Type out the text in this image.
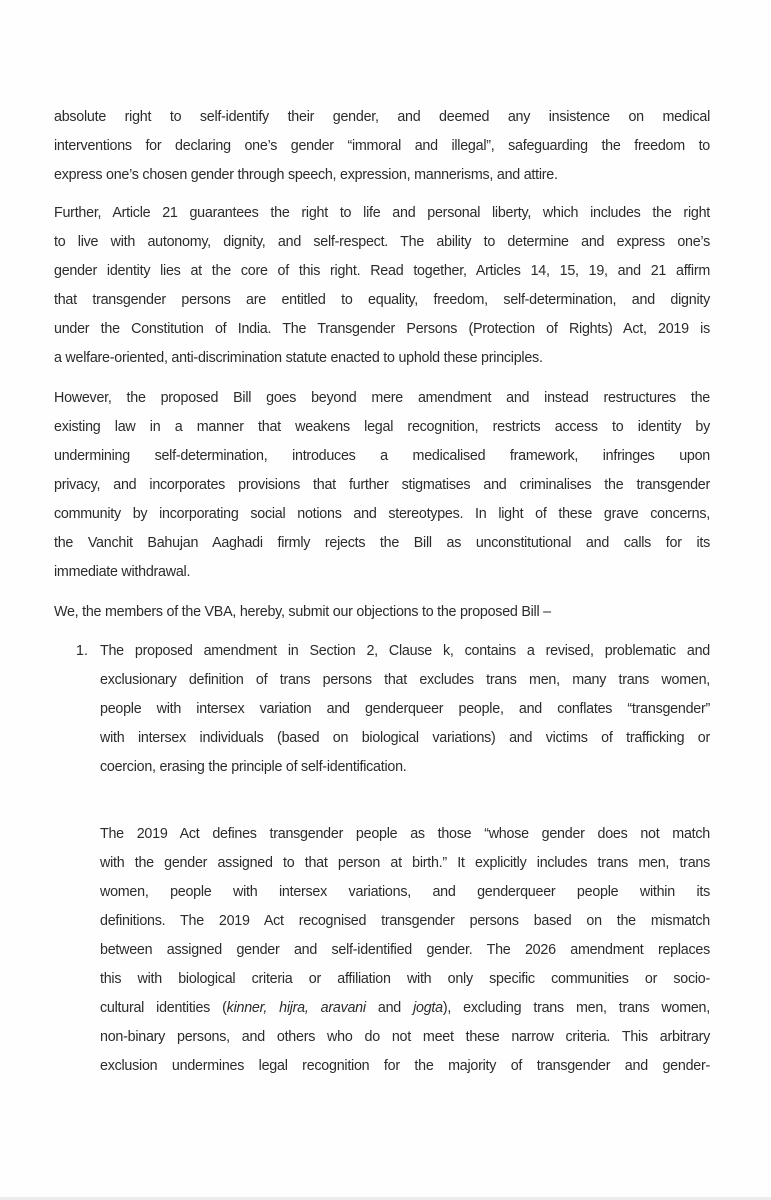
absolute right to self-identify their gender, and deemed any insistence on medical
interventions for declaring one’s gender “immoral and illegal”, safeguarding the freedom to
express one’s chosen gender through speech, expression, mannerisms, and attire.
Further, Article 21 guarantees the right to life and personal liberty, which includes the right
to live with autonomy, dignity, and self-respect. The ability to determine and express one’s
gender identity lies at the core of this right. Read together, Articles 14, 15, 19, and 21 affirm
that transgender persons are entitled to equality, freedom, self-determination, and dignity
under the Constitution of India. The Transgender Persons (Protection of Rights) Act, 2019 is
a welfare-oriented, anti-discrimination statute enacted to uphold these principles.
However, the proposed Bill goes beyond mere amendment and instead restructures the
existing law in a manner that weakens legal recognition, restricts access to identity by
undermining self-determination, introduces a medicalised framework, infringes upon
privacy, and incorporates provisions that further stigmatises and criminalises the transgender
community by incorporating social notions and stereotypes. In light of these grave concerns,
the Vanchit Bahujan Aaghadi firmly rejects the Bill as unconstitutional and calls for its
immediate withdrawal.
We, the members of the VBA, hereby, submit our objections to the proposed Bill –
1. The proposed amendment in Section 2, Clause k, contains a revised, problematic and
exclusionary definition of trans persons that excludes trans men, many trans women,
people with intersex variation and genderqueer people, and conflates “transgender”
with intersex individuals (based on biological variations) and victims of trafficking or
coercion, erasing the principle of self-identification.
The 2019 Act defines transgender people as those “whose gender does not match
with the gender assigned to that person at birth.” It explicitly includes trans men, trans
women, people with intersex variations, and genderqueer people within its
definitions. The 2019 Act recognised transgender persons based on the mismatch
between assigned gender and self-identified gender. The 2026 amendment replaces
this with biological criteria or affiliation with only specific communities or socio-
cultural identities (kinner, hijra, aravani and jogta), excluding trans men, trans women,
non-binary persons, and others who do not meet these narrow criteria. This arbitrary
exclusion undermines legal recognition for the majority of transgender and gender-
